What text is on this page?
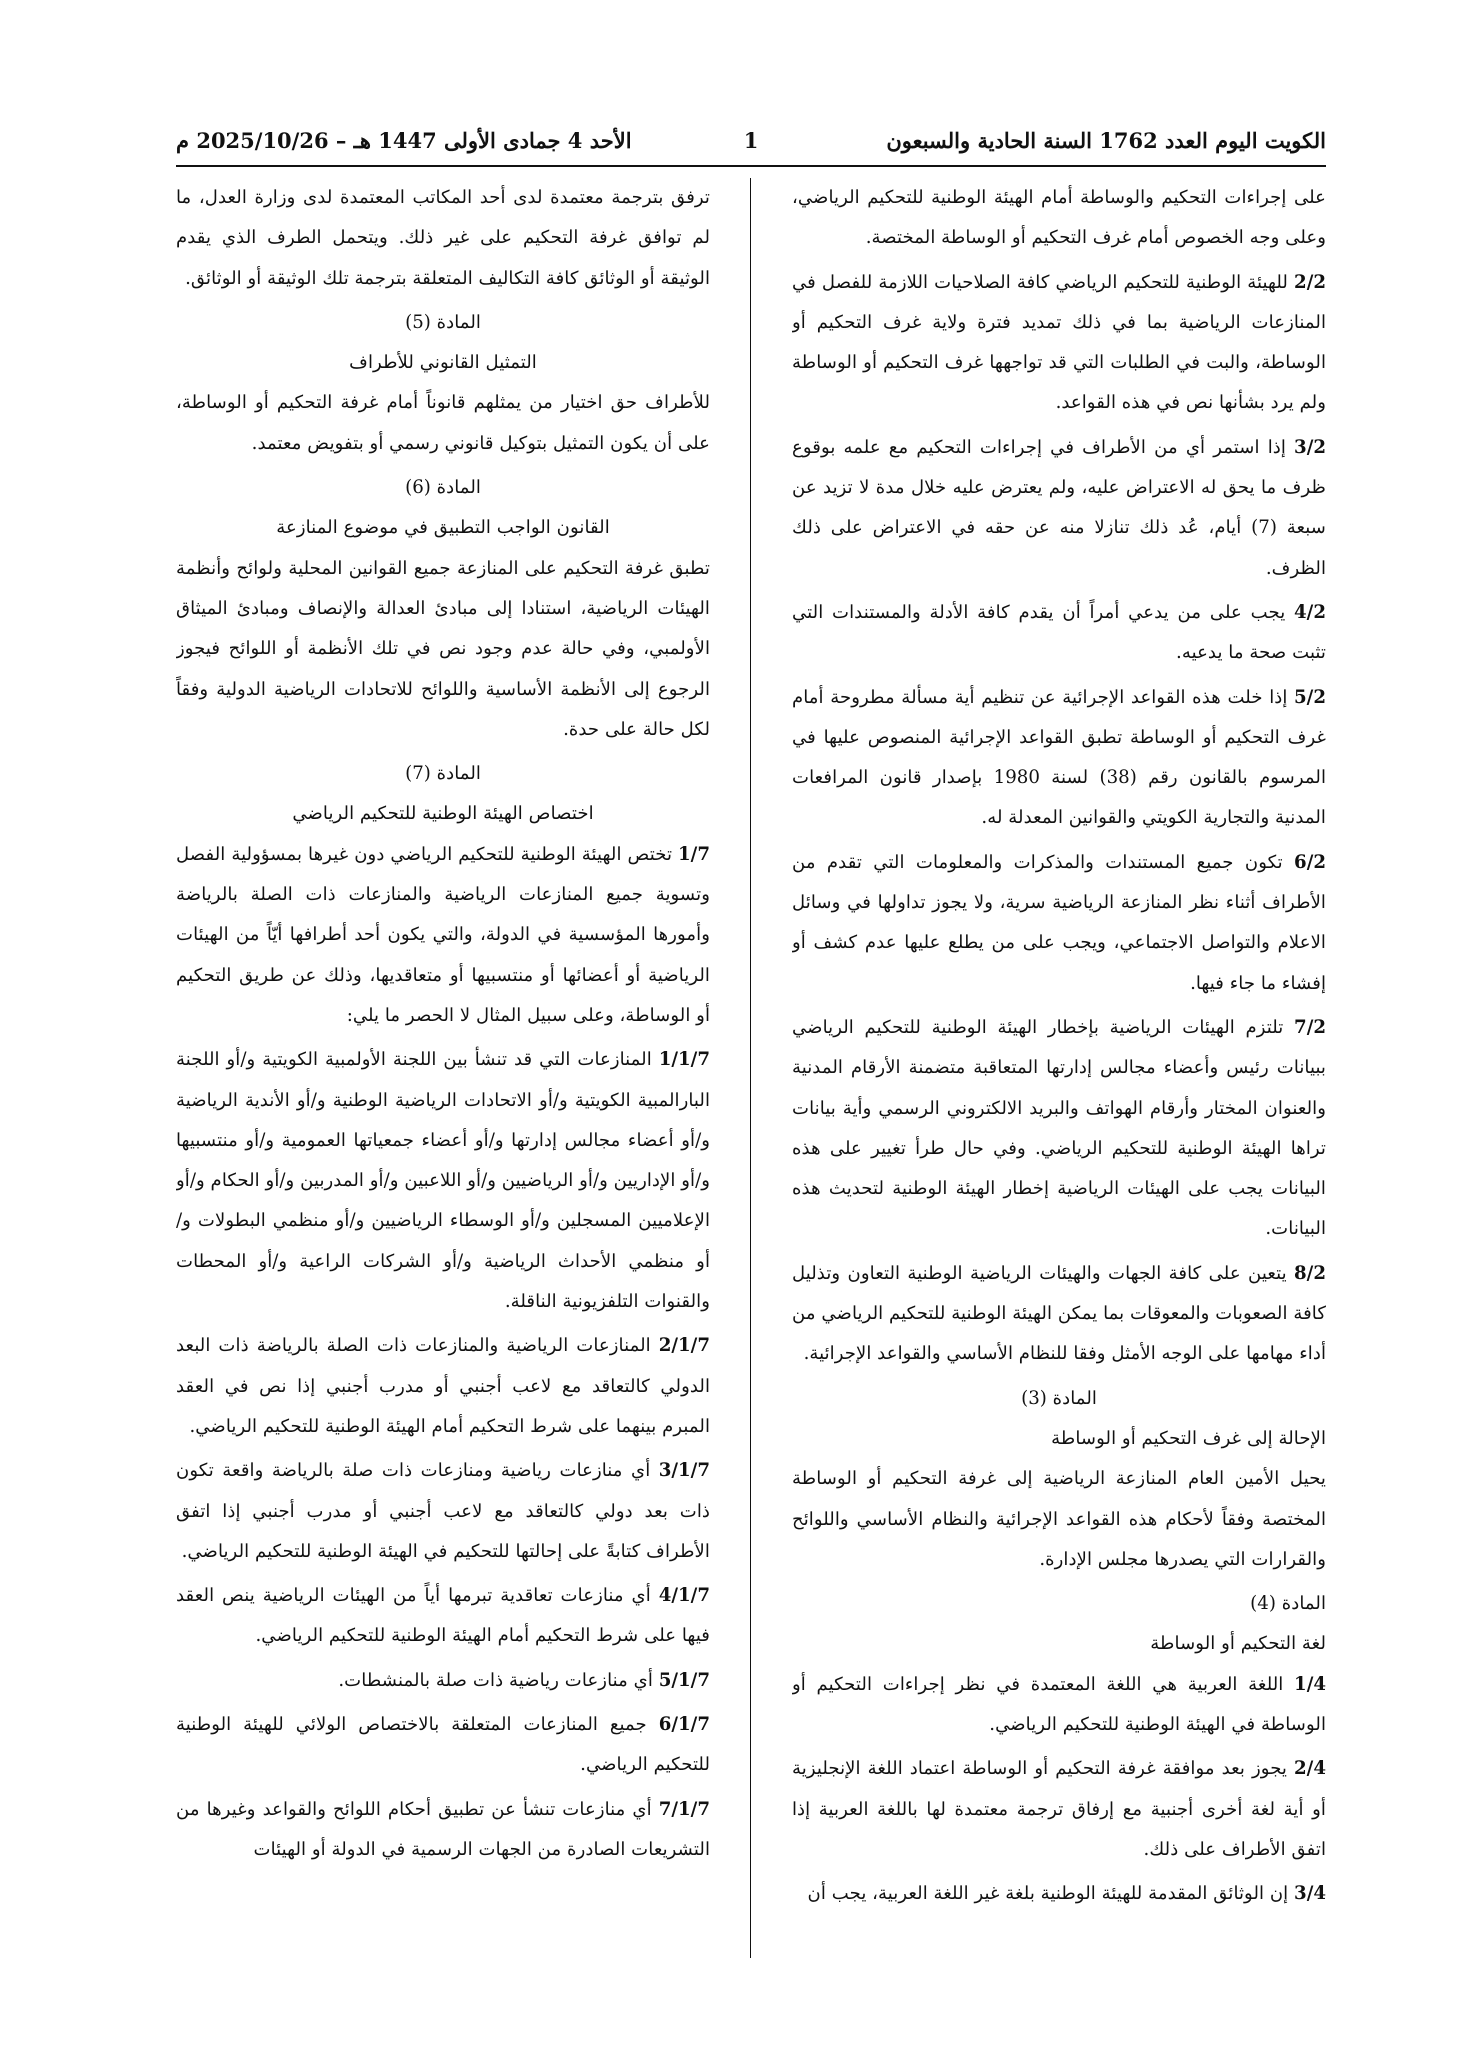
الكويت اليوم العدد 1762 السنة الحادية والسبعون
1
الأحد 4 جمادى الأولى 1447 هـ – 2025/10/26 م

على إجراءات التحكيم والوساطة أمام الهيئة الوطنية للتحكيم الرياضي، وعلى وجه الخصوص أمام غرف التحكيم أو الوساطة المختصة.

2/2 للهيئة الوطنية للتحكيم الرياضي كافة الصلاحيات اللازمة للفصل في المنازعات الرياضية بما في ذلك تمديد فترة ولاية غرف التحكيم أو الوساطة، والبت في الطلبات التي قد تواجهها غرف التحكيم أو الوساطة ولم يرد بشأنها نص في هذه القواعد.

3/2 إذا استمر أي من الأطراف في إجراءات التحكيم مع علمه بوقوع ظرف ما يحق له الاعتراض عليه، ولم يعترض عليه خلال مدة لا تزيد عن سبعة (7) أيام، عُد ذلك تنازلا منه عن حقه في الاعتراض على ذلك الظرف.

4/2 يجب على من يدعي أمراً أن يقدم كافة الأدلة والمستندات التي تثبت صحة ما يدعيه.

5/2 إذا خلت هذه القواعد الإجرائية عن تنظيم أية مسألة مطروحة أمام غرف التحكيم أو الوساطة تطبق القواعد الإجرائية المنصوص عليها في المرسوم بالقانون رقم (38) لسنة 1980 بإصدار قانون المرافعات المدنية والتجارية الكويتي والقوانين المعدلة له.

6/2 تكون جميع المستندات والمذكرات والمعلومات التي تقدم من الأطراف أثناء نظر المنازعة الرياضية سرية، ولا يجوز تداولها في وسائل الاعلام والتواصل الاجتماعي، ويجب على من يطلع عليها عدم كشف أو إفشاء ما جاء فيها.

7/2 تلتزم الهيئات الرياضية بإخطار الهيئة الوطنية للتحكيم الرياضي ببيانات رئيس وأعضاء مجالس إدارتها المتعاقبة متضمنة الأرقام المدنية والعنوان المختار وأرقام الهواتف والبريد الالكتروني الرسمي وأية بيانات تراها الهيئة الوطنية للتحكيم الرياضي. وفي حال طرأ تغيير على هذه البيانات يجب على الهيئات الرياضية إخطار الهيئة الوطنية لتحديث هذه البيانات.

8/2 يتعين على كافة الجهات والهيئات الرياضية الوطنية التعاون وتذليل كافة الصعوبات والمعوقات بما يمكن الهيئة الوطنية للتحكيم الرياضي من أداء مهامها على الوجه الأمثل وفقا للنظام الأساسي والقواعد الإجرائية.

المادة (3)

الإحالة إلى غرف التحكيم أو الوساطة

يحيل الأمين العام المنازعة الرياضية إلى غرفة التحكيم أو الوساطة المختصة وفقاً لأحكام هذه القواعد الإجرائية والنظام الأساسي واللوائح والقرارات التي يصدرها مجلس الإدارة.

المادة (4)

لغة التحكيم أو الوساطة

1/4 اللغة العربية هي اللغة المعتمدة في نظر إجراءات التحكيم أو الوساطة في الهيئة الوطنية للتحكيم الرياضي.

2/4 يجوز بعد موافقة غرفة التحكيم أو الوساطة اعتماد اللغة الإنجليزية أو أية لغة أخرى أجنبية مع إرفاق ترجمة معتمدة لها باللغة العربية إذا اتفق الأطراف على ذلك.

3/4 إن الوثائق المقدمة للهيئة الوطنية بلغة غير اللغة العربية، يجب أن

ترفق بترجمة معتمدة لدى أحد المكاتب المعتمدة لدى وزارة العدل، ما لم توافق غرفة التحكيم على غير ذلك. ويتحمل الطرف الذي يقدم الوثيقة أو الوثائق كافة التكاليف المتعلقة بترجمة تلك الوثيقة أو الوثائق.

المادة (5)

التمثيل القانوني للأطراف

للأطراف حق اختيار من يمثلهم قانوناً أمام غرفة التحكيم أو الوساطة، على أن يكون التمثيل بتوكيل قانوني رسمي أو بتفويض معتمد.

المادة (6)

القانون الواجب التطبيق في موضوع المنازعة

تطبق غرفة التحكيم على المنازعة جميع القوانين المحلية ولوائح وأنظمة الهيئات الرياضية، استنادا إلى مبادئ العدالة والإنصاف ومبادئ الميثاق الأولمبي، وفي حالة عدم وجود نص في تلك الأنظمة أو اللوائح فيجوز الرجوع إلى الأنظمة الأساسية واللوائح للاتحادات الرياضية الدولية وفقاً لكل حالة على حدة.

المادة (7)

اختصاص الهيئة الوطنية للتحكيم الرياضي

1/7 تختص الهيئة الوطنية للتحكيم الرياضي دون غيرها بمسؤولية الفصل وتسوية جميع المنازعات الرياضية والمنازعات ذات الصلة بالرياضة وأمورها المؤسسية في الدولة، والتي يكون أحد أطرافها أيّاً من الهيئات الرياضية أو أعضائها أو منتسبيها أو متعاقديها، وذلك عن طريق التحكيم أو الوساطة، وعلى سبيل المثال لا الحصر ما يلي:

1/1/7 المنازعات التي قد تنشأ بين اللجنة الأولمبية الكويتية و/أو اللجنة البارالمبية الكويتية و/أو الاتحادات الرياضية الوطنية و/أو الأندية الرياضية و/أو أعضاء مجالس إدارتها و/أو أعضاء جمعياتها العمومية و/أو منتسبيها و/أو الإداريين و/أو الرياضيين و/أو اللاعبين و/أو المدربين و/أو الحكام و/أو الإعلاميين المسجلين و/أو الوسطاء الرياضيين و/أو منظمي البطولات و/أو منظمي الأحداث الرياضية و/أو الشركات الراعية و/أو المحطات والقنوات التلفزيونية الناقلة.

2/1/7 المنازعات الرياضية والمنازعات ذات الصلة بالرياضة ذات البعد الدولي كالتعاقد مع لاعب أجنبي أو مدرب أجنبي إذا نص في العقد المبرم بينهما على شرط التحكيم أمام الهيئة الوطنية للتحكيم الرياضي.

3/1/7 أي منازعات رياضية ومنازعات ذات صلة بالرياضة واقعة تكون ذات بعد دولي كالتعاقد مع لاعب أجنبي أو مدرب أجنبي إذا اتفق الأطراف كتابةً على إحالتها للتحكيم في الهيئة الوطنية للتحكيم الرياضي.

4/1/7 أي منازعات تعاقدية تبرمها أياً من الهيئات الرياضية ينص العقد فيها على شرط التحكيم أمام الهيئة الوطنية للتحكيم الرياضي.

5/1/7 أي منازعات رياضية ذات صلة بالمنشطات.

6/1/7 جميع المنازعات المتعلقة بالاختصاص الولائي للهيئة الوطنية للتحكيم الرياضي.

7/1/7 أي منازعات تنشأ عن تطبيق أحكام اللوائح والقواعد وغيرها من التشريعات الصادرة من الجهات الرسمية في الدولة أو الهيئات
